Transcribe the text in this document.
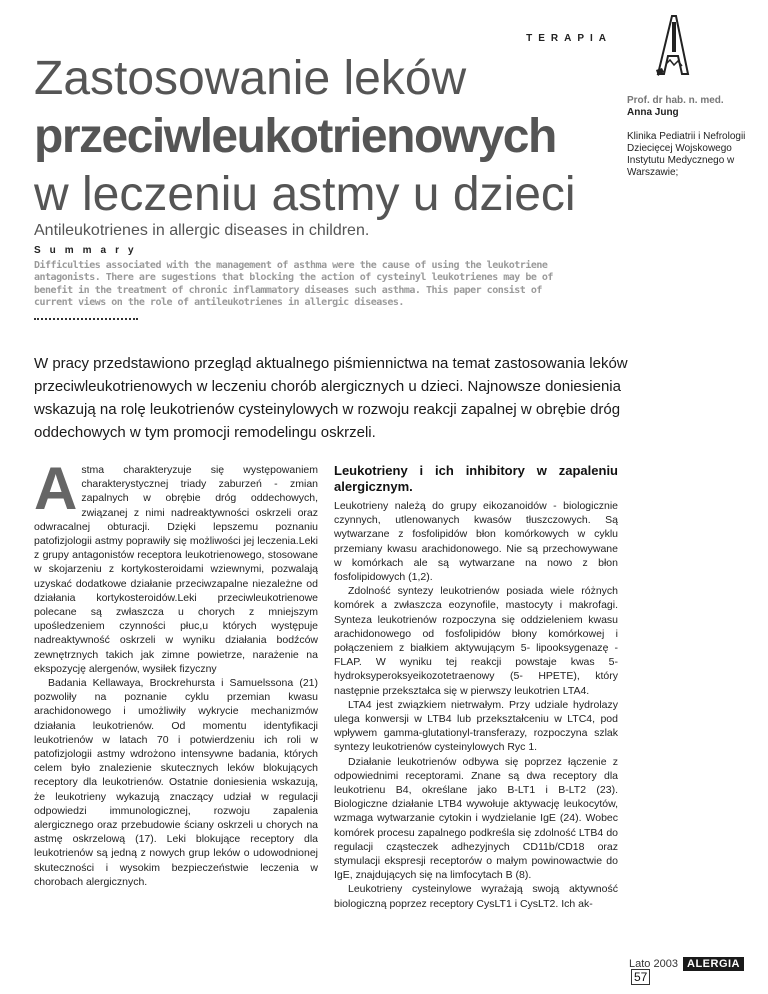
TERAPIA
Zastosowanie leków
przeciwleukotrienowych
w leczeniu astmy u dzieci
Prof. dr hab. n. med.
Anna Jung
Klinika Pediatrii i Nefrologii Dziecięcej Wojskowego Instytutu Medycznego w Warszawie;
Antileukotrienes in allergic diseases in children.
Summary
Difficulties associated with the management of asthma were the cause of using the leukotriene antagonists. There are sugestions that blocking the action of cysteinyl leukotrienes may be of benefit in the treatment of chronic inflammatory diseases such asthma. This paper consist of current views on the role of antileukotrienes in allergic diseases.
W pracy przedstawiono przegląd aktualnego piśmiennictwa na temat zastosowania leków przeciwleukotrienowych w leczeniu chorób alergicznych u dzieci. Najnowsze doniesienia wskazują na rolę leukotrienów cysteinylowych w rozwoju reakcji zapalnej w obrębie dróg oddechowych w tym promocji remodelingu oskrzeli.

Astma charakteryzuje się występowaniem charakterystycznej triady zaburzeń - zmian zapalnych w obrębie dróg oddechowych, związanej z nimi nadreaktywności oskrzeli oraz odwracalnej obturacji. Dzięki lepszemu poznaniu patofizjologii astmy poprawiły się możliwości jej leczenia.Leki z grupy antagonistów receptora leukotrienowego, stosowane w skojarzeniu z kortykosteroidami wziewnymi, pozwalają uzyskać dodatkowe działanie przeciwzapalne niezależne od działania kortykosteroidów.Leki przeciwleukotrienowe polecane są zwłaszcza u chorych z mniejszym upośledzeniem czynności płuc,u których występuje nadreaktywność oskrzeli w wyniku działania bodźców zewnętrznych takich jak zimne powietrze, narażenie na ekspozycję alergenów, wysiłek fizyczny

Badania Kellawaya, Brockrehursta i Samuelssona (21) pozwoliły na poznanie cyklu przemian kwasu arachidonowego i umożliwiły wykrycie mechanizmów działania leukotrienów. Od momentu identyfikacji leukotrienów w latach 70 i potwierdzeniu ich roli w patofizjologii astmy wdrożono intensywne badania, których celem było znalezienie skutecznych leków blokujących receptory dla leukotrienów. Ostatnie doniesienia wskazują, że leukotrieny wykazują znaczący udział w regulacji odpowiedzi immunologicznej, rozwoju zapalenia alergicznego oraz przebudowie ściany oskrzeli u chorych na astmę oskrzelową (17). Leki blokujące receptory dla leukotrienów są jedną z nowych grup leków o udowodnionej skuteczności i wysokim bezpieczeństwie leczenia w chorobach alergicznych.

Leukotrieny i ich inhibitory w zapaleniu alergicznym.

Leukotrieny należą do grupy eikozanoidów - biologicznie czynnych, utlenowanych kwasów tłuszczowych. Są wytwarzane z fosfolipidów błon komórkowych w cyklu przemiany kwasu arachidonowego. Nie są przechowywane w komórkach ale są wytwarzane na nowo z błon fosfolipidowych (1,2).

Zdolność syntezy leukotrienów posiada wiele różnych komórek a zwłaszcza eozynofile, mastocyty i makrofagi. Synteza leukotrienów rozpoczyna się oddzieleniem kwasu arachidonowego od fosfolipidów błony komórkowej i połączeniem z białkiem aktywującym 5- lipooksygenazę - FLAP. W wyniku tej reakcji powstaje kwas 5-hydroksyperoksyeikozotetraenowy (5- HPETE), który następnie przekształca się w pierwszy leukotrien LTA4.

LTA4 jest związkiem nietrwałym. Przy udziale hydrolazy ulega konwersji w LTB4 lub przekształceniu w LTC4, pod wpływem gamma-glutationyl-transferazy, rozpoczyna szlak syntezy leukotrienów cysteinylowych Ryc 1.

Działanie leukotrienów odbywa się poprzez łączenie z odpowiednimi receptorami. Znane są dwa receptory dla leukotrienu B4, określane jako B-LT1 i B-LT2 (23). Biologiczne działanie LTB4 wywołuje aktywację leukocytów, wzmaga wytwarzanie cytokin i wydzielanie IgE (24). Wobec komórek procesu zapalnego podkreśla się zdolność LTB4 do regulacji cząsteczek adhezyjnych CD11b/CD18 oraz stymulacji ekspresji receptorów o małym powinowactwie do IgE, znajdujących się na limfocytach B (8).

Leukotrieny cysteinylowe wyrażają swoją aktywność biologiczną poprzez receptory CysLT1 i CysLT2. Ich ak-

Lato 2003 ALERGIA 57
